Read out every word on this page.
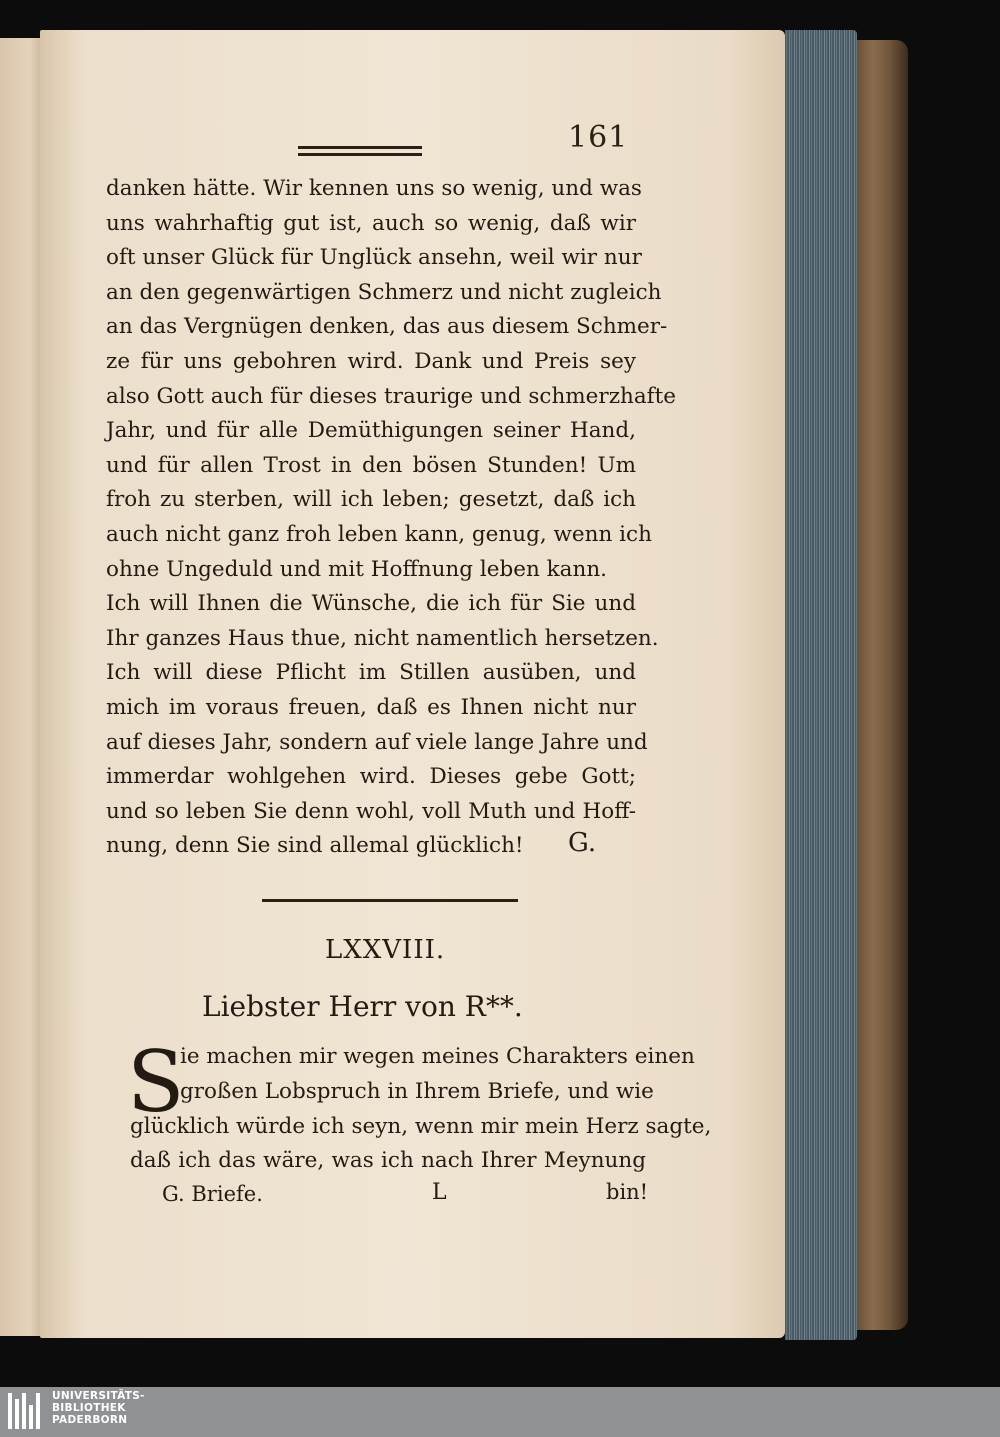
161
danken hätte. Wir kennen uns so wenig, und was
uns wahrhaftig gut ist, auch so wenig, daß wir
oft unser Glück für Unglück ansehn, weil wir nur
an den gegenwärtigen Schmerz und nicht zugleich
an das Vergnügen denken, das aus diesem Schmer-
ze für uns gebohren wird. Dank und Preis sey
also Gott auch für dieses traurige und schmerzhafte
Jahr, und für alle Demüthigungen seiner Hand,
und für allen Trost in den bösen Stunden! Um
froh zu sterben, will ich leben; gesetzt, daß ich
auch nicht ganz froh leben kann, genug, wenn ich
ohne Ungeduld und mit Hoffnung leben kann.
Ich will Ihnen die Wünsche, die ich für Sie und
Ihr ganzes Haus thue, nicht namentlich hersetzen.
Ich will diese Pflicht im Stillen ausüben, und
mich im voraus freuen, daß es Ihnen nicht nur
auf dieses Jahr, sondern auf viele lange Jahre und
immerdar wohlgehen wird. Dieses gebe Gott;
und so leben Sie denn wohl, voll Muth und Hoff-
nung, denn Sie sind allemal glücklich!	G.
LXXVIII.
Liebster Herr von R**.
S
ie machen mir wegen meines Charakters einen
großen Lobspruch in Ihrem Briefe, und wie
glücklich würde ich seyn, wenn mir mein Herz sagte,
daß ich das wäre, was ich nach Ihrer Meynung
G. Briefe.	L	bin!
UNIVERSITÄTS-
BIBLIOTHEK
PADERBORN
